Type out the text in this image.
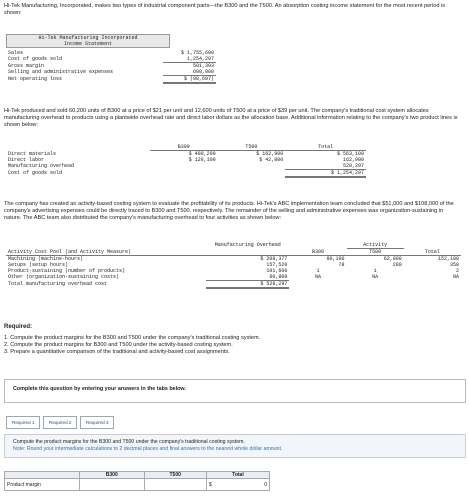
Hi-Tek Manufacturing, Incorporated, makes two types of industrial component parts—the B300 and the T500. An absorption costing income statement for the most recent period is shown:

Hi-Tek Manufacturing Incorporated
Income Statement
Sales	$ 1,755,600
Cost of goods sold	1,254,297
Gross margin	501,303
Selling and administrative expenses	600,000
Net operating loss	$ (98,697)

Hi-Tek produced and sold 60,200 units of B300 at a price of $21 per unit and 12,600 units of T500 at a price of $39 per unit. The company's traditional cost system allocates manufacturing overhead to products using a plantwide overhead rate and direct labor dollars as the allocation base. Additional information relating to the company's two product lines is shown below:

	B300	T500	Total
Direct materials	$ 400,200	$ 162,900	$ 563,100
Direct labor	$ 120,100	$ 42,800	162,900
Manufacturing overhead			528,297
Cost of goods sold			$ 1,254,297

The company has created an activity-based costing system to evaluate the profitability of its products. Hi-Tek's ABC implementation team concluded that $51,000 and $108,000 of the company's advertising expenses could be directly traced to B300 and T500, respectively. The remainder of the selling and administrative expenses was organization-sustaining in nature. The ABC team also distributed the company's manufacturing overhead to four activities as shown below:

	Manufacturing Overhead		Activity	
Activity Cost Pool (and Activity Measure)		B300	T500	Total
Machining (machine-hours)	$ 208,377	90,100	62,000	152,100
Setups (setup hours)	157,520	78	280	358
Product-sustaining (number of products)	101,600	1	1	2
Other (organization-sustaining costs)	60,800	NA	NA	NA
Total manufacturing overhead cost	$ 528,297			

Required:

1. Compute the product margins for the B300 and T500 under the company's traditional costing system.

2. Compute the product margins for B300 and T500 under the activity-based costing system.

3. Prepare a quantitative comparison of the traditional and activity-based cost assignments.

Complete this question by entering your answers in the tabs below.
Required 1	Required 2	Required 3
Compute the product margins for the B300 and T500 under the company's traditional costing system.
Note: Round your intermediate calculations to 2 decimal places and final answers to the nearest whole dollar amount.
	B300	T500	Total
Product margin			$ 0
